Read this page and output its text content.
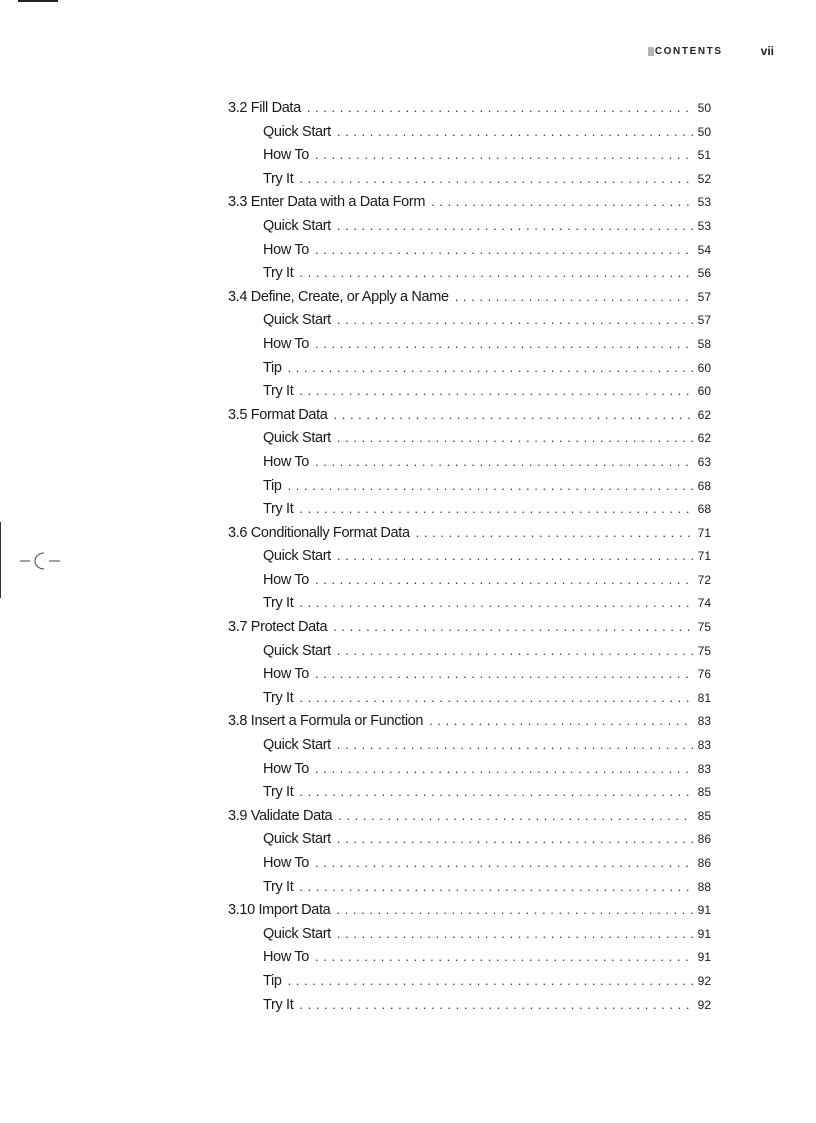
CONTENTS	vii
3.2 Fill Data . . .	50
Quick Start . . .	50
How To . . .	51
Try It . . .	52
3.3 Enter Data with a Data Form . . .	53
Quick Start . . .	53
How To . . .	54
Try It . . .	56
3.4 Define, Create, or Apply a Name . . .	57
Quick Start . . .	57
How To . . .	58
Tip . . .	60
Try It . . .	60
3.5 Format Data . . .	62
Quick Start . . .	62
How To . . .	63
Tip . . .	68
Try It . . .	68
3.6 Conditionally Format Data . . .	71
Quick Start . . .	71
How To . . .	72
Try It . . .	74
3.7 Protect Data . . .	75
Quick Start . . .	75
How To . . .	76
Try It . . .	81
3.8 Insert a Formula or Function . . .	83
Quick Start . . .	83
How To . . .	83
Try It . . .	85
3.9 Validate Data . . .	85
Quick Start . . .	86
How To . . .	86
Try It . . .	88
3.10 Import Data . . .	91
Quick Start . . .	91
How To . . .	91
Tip . . .	92
Try It . . .	92
